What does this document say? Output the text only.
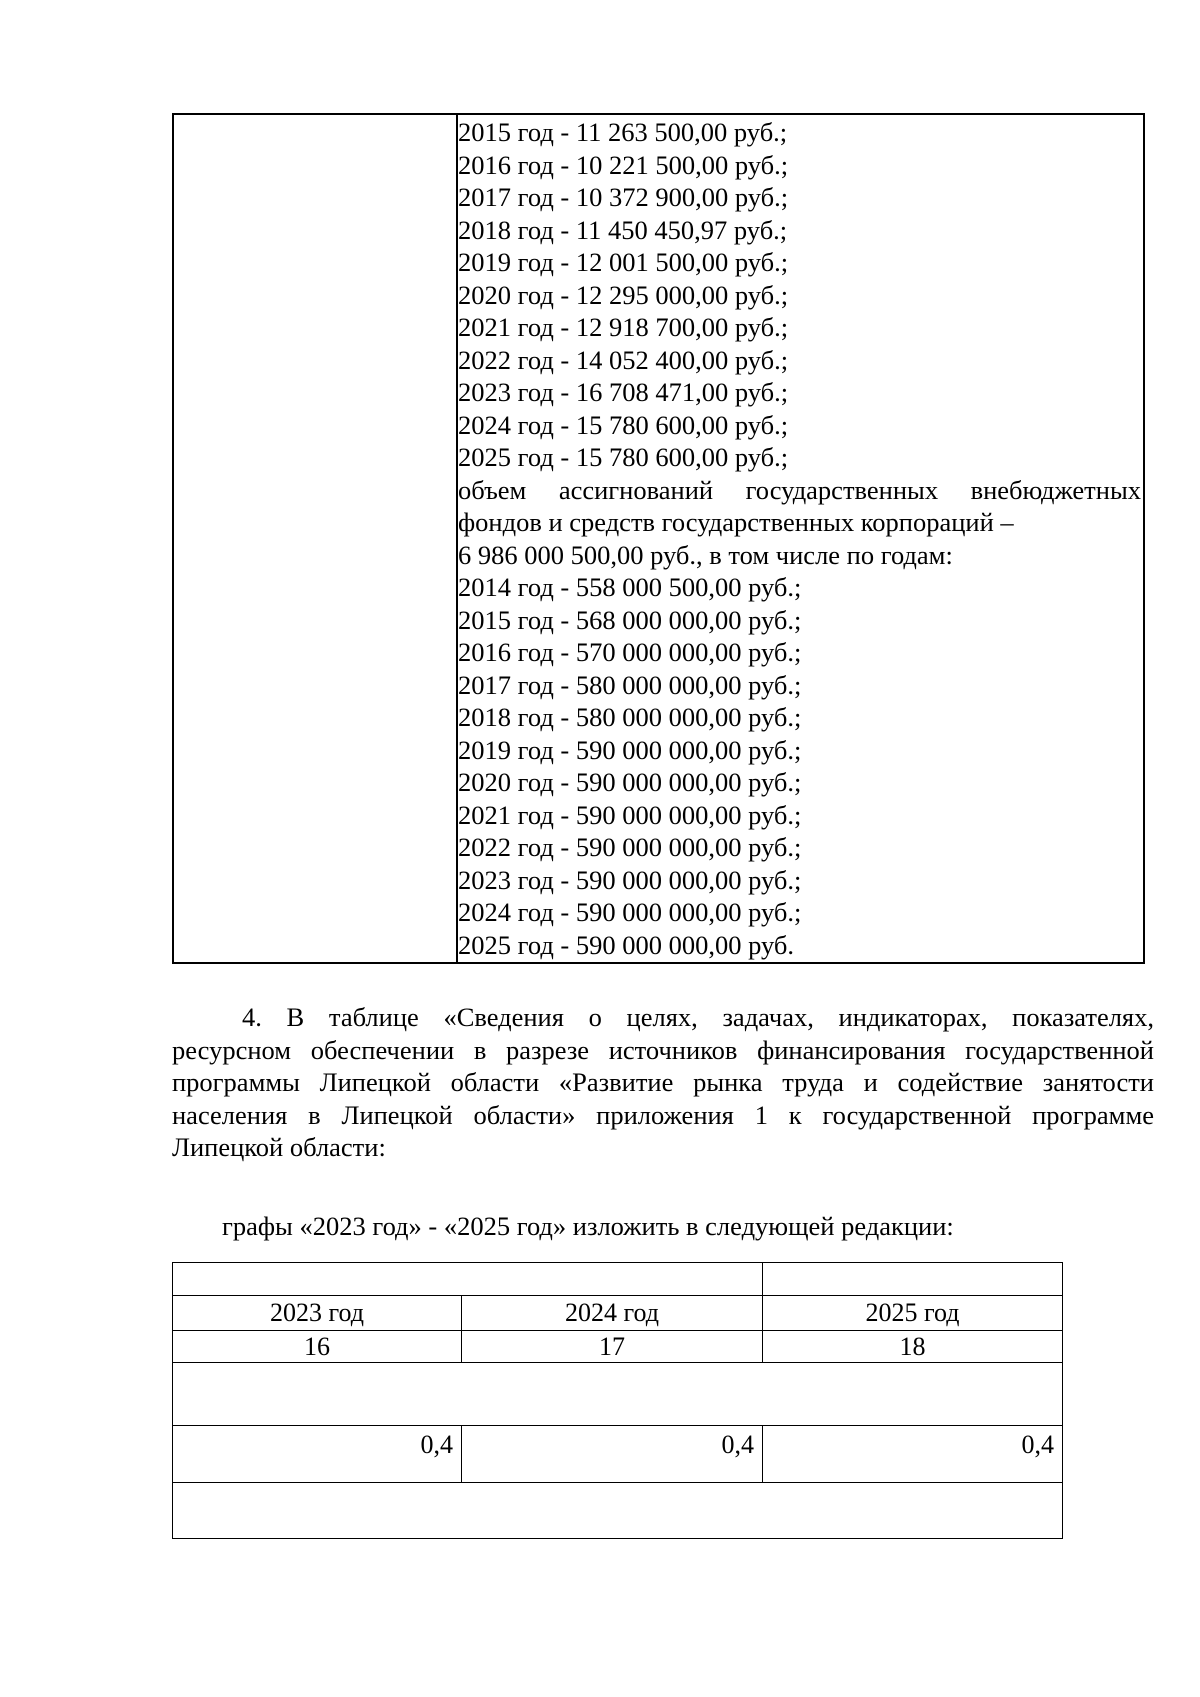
2015 год - 11 263 500,00 руб.;
2016 год - 10 221 500,00 руб.;
2017 год - 10 372 900,00 руб.;
2018 год - 11 450 450,97 руб.;
2019 год - 12 001 500,00 руб.;
2020 год - 12 295 000,00 руб.;
2021 год - 12 918 700,00 руб.;
2022 год - 14 052 400,00 руб.;
2023 год - 16 708 471,00 руб.;
2024 год - 15 780 600,00 руб.;
2025 год - 15 780 600,00 руб.;
объем ассигнований государственных внебюджетных
фондов и средств государственных корпораций –
6 986 000 500,00 руб., в том числе по годам:
2014 год - 558 000 500,00 руб.;
2015 год - 568 000 000,00 руб.;
2016 год - 570 000 000,00 руб.;
2017 год - 580 000 000,00 руб.;
2018 год - 580 000 000,00 руб.;
2019 год - 590 000 000,00 руб.;
2020 год - 590 000 000,00 руб.;
2021 год - 590 000 000,00 руб.;
2022 год - 590 000 000,00 руб.;
2023 год - 590 000 000,00 руб.;
2024 год - 590 000 000,00 руб.;
2025 год - 590 000 000,00 руб.
4. В таблице «Сведения о целях, задачах, индикаторах, показателях,
ресурсном обеспечении в разрезе источников финансирования государственной
программы Липецкой области «Развитие рынка труда и содействие занятости
населения в Липецкой области» приложения 1 к государственной программе
Липецкой области:
графы «2023 год» - «2025 год» изложить в следующей редакции:

2023 год	2024 год	2025 год
16	17	18

0,4	0,4	0,4
